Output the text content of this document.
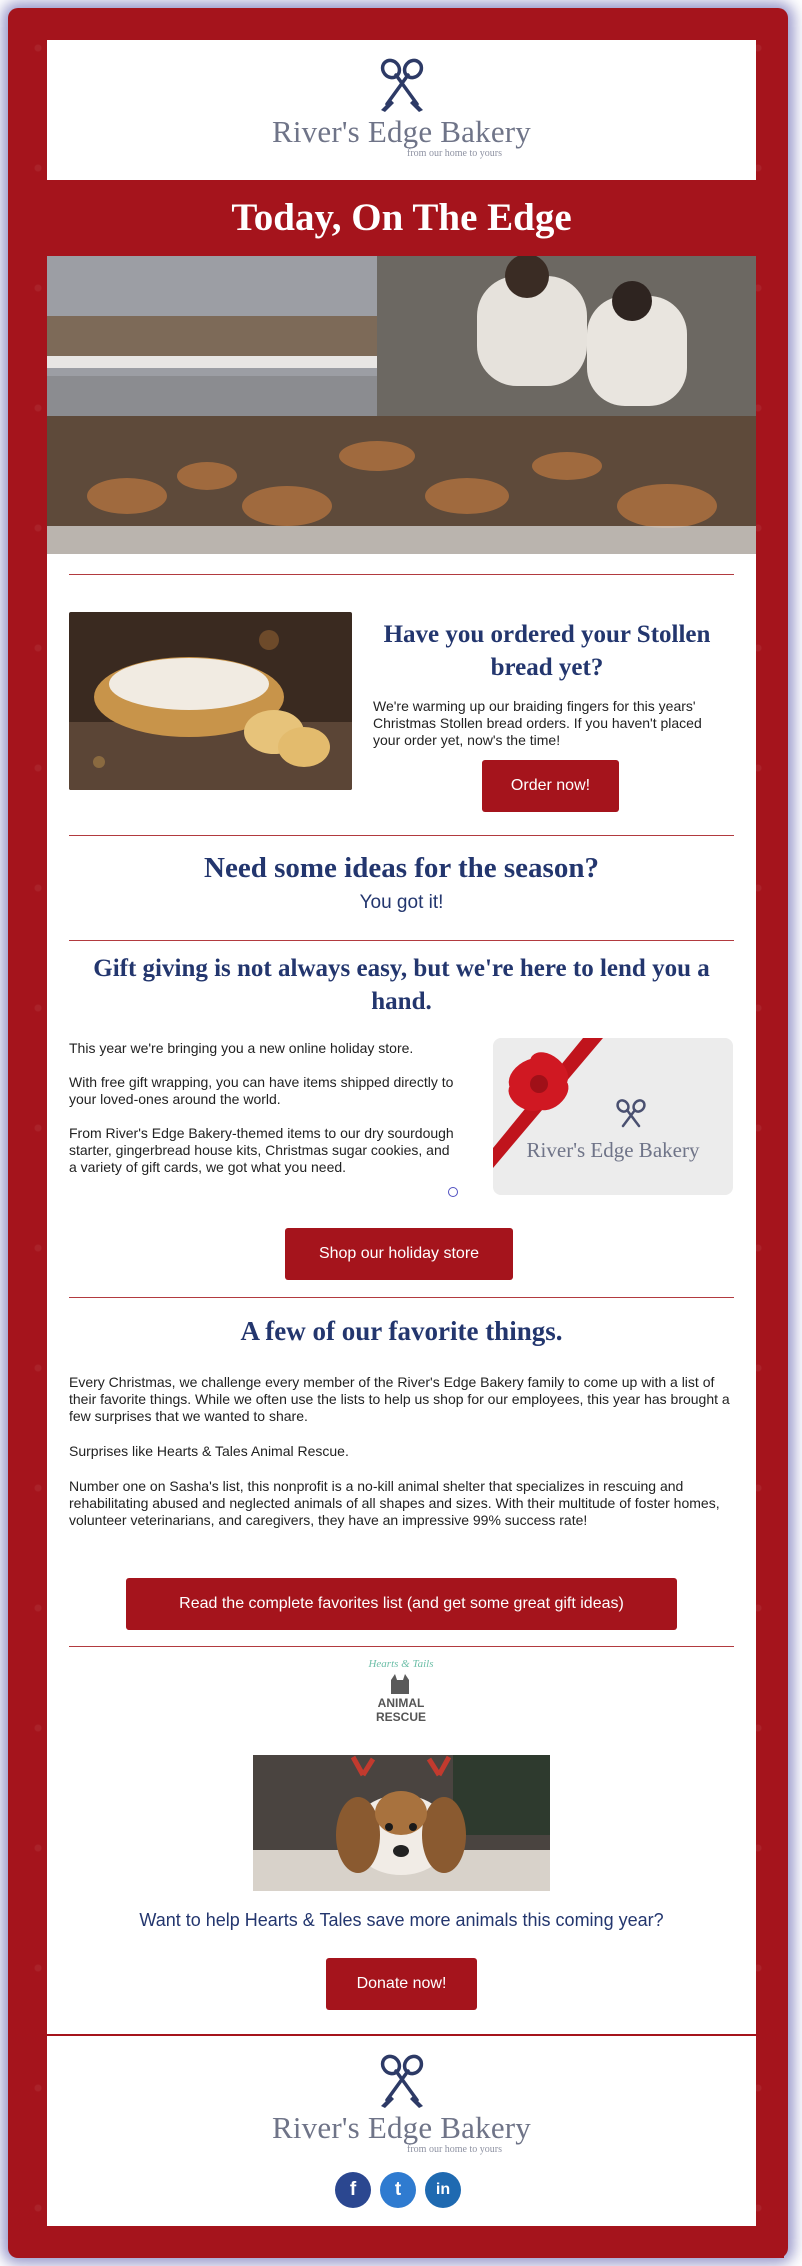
River's Edge Bakery
from our home to yours
Today, On The Edge
Have you ordered your Stollen bread yet?
We're warming up our braiding fingers for this years' Christmas Stollen bread orders. If you haven't placed your order yet, now's the time!
Order now!
Need some ideas for the season?
You got it!
Gift giving is not always easy, but we're here to lend you a hand.
This year we're bringing you a new online holiday store.
With free gift wrapping, you can have items shipped directly to your loved-ones around the world.
From River's Edge Bakery-themed items to our dry sourdough starter, gingerbread house kits, Christmas sugar cookies, and a variety of gift cards, we got what you need.
River's Edge Bakery
Shop our holiday store
A few of our favorite things.
Every Christmas, we challenge every member of the River's Edge Bakery family to come up with a list of their favorite things. While we often use the lists to help us shop for our employees, this year has brought a few surprises that we wanted to share.
Surprises like Hearts & Tales Animal Rescue.
Number one on Sasha's list, this nonprofit is a no-kill animal shelter that specializes in rescuing and rehabilitating abused and neglected animals of all shapes and sizes. With their multitude of foster homes, volunteer veterinarians, and caregivers, they have an impressive 99% success rate!
Read the complete favorites list (and get some great gift ideas)
Hearts & Tails
ANIMAL
RESCUE
Want to help Hearts & Tales save more animals this coming year?
Donate now!
River's Edge Bakery
from our home to yours
f	t	in
